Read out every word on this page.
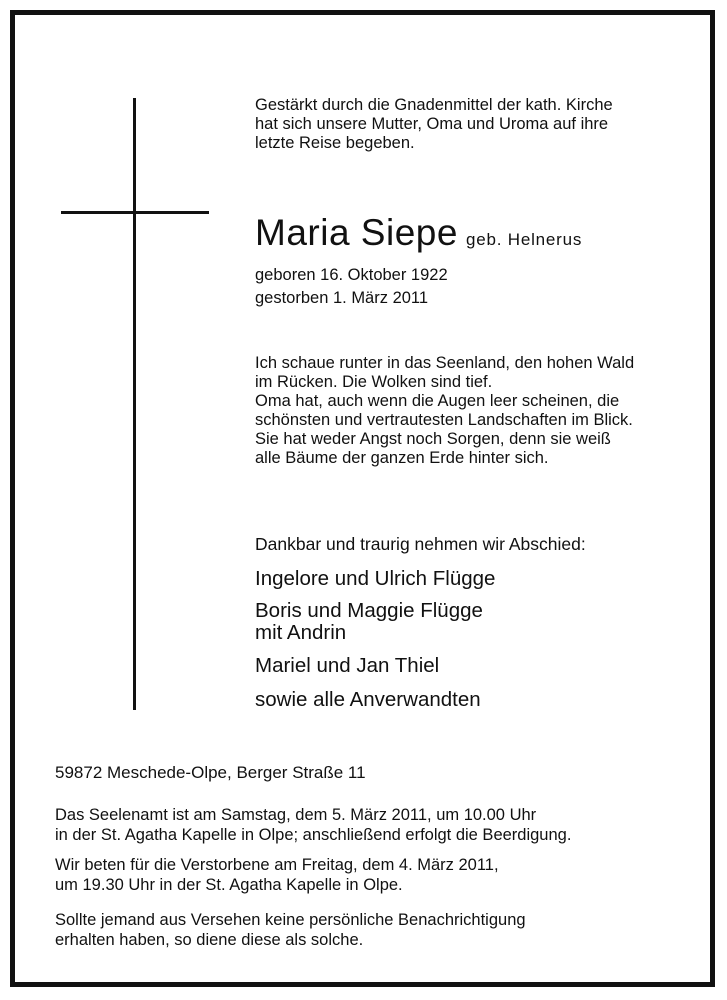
Gestärkt durch die Gnadenmittel der kath. Kirche

hat sich unsere Mutter, Oma und Uroma auf ihre

letzte Reise begeben.

Maria Siepe geb. Helnerus

geboren 16. Oktober 1922

gestorben 1. März 2011

Ich schaue runter in das Seenland, den hohen Wald

im Rücken. Die Wolken sind tief.

Oma hat, auch wenn die Augen leer scheinen, die

schönsten und vertrautesten Landschaften im Blick.

Sie hat weder Angst noch Sorgen, denn sie weiß

alle Bäume der ganzen Erde hinter sich.

Dankbar und traurig nehmen wir Abschied:

Ingelore und Ulrich Flügge

Boris und Maggie Flügge

mit Andrin

Mariel und Jan Thiel

sowie alle Anverwandten

59872 Meschede-Olpe, Berger Straße 11

Das Seelenamt ist am Samstag, dem 5. März 2011, um 10.00 Uhr

in der St. Agatha Kapelle in Olpe; anschließend erfolgt die Beerdigung.

Wir beten für die Verstorbene am Freitag, dem 4. März 2011,

um 19.30 Uhr in der St. Agatha Kapelle in Olpe.

Sollte jemand aus Versehen keine persönliche Benachrichtigung

erhalten haben, so diene diese als solche.
